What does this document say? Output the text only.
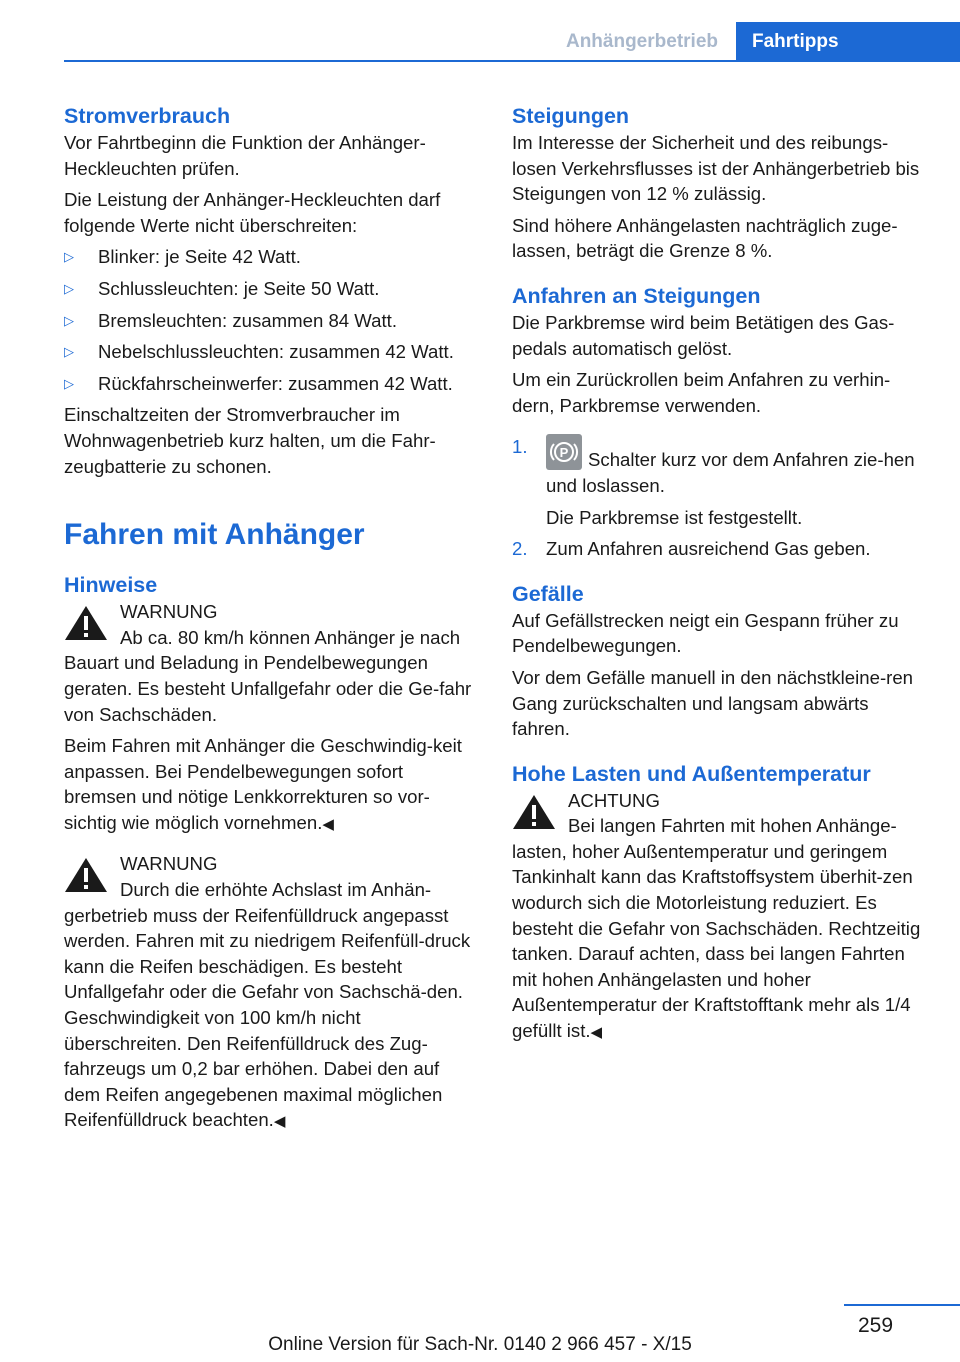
Anhängerbetrieb	Fahrtipps
Stromverbrauch

Vor Fahrtbeginn die Funktion der Anhänger‐Heckleuchten prüfen.

Die Leistung der Anhänger-Heckleuchten darf folgende Werte nicht überschreiten:

▷ Blinker: je Seite 42 Watt.
▷ Schlussleuchten: je Seite 50 Watt.
▷ Bremsleuchten: zusammen 84 Watt.
▷ Nebelschlussleuchten: zusammen 42 Watt.
▷ Rückfahrscheinwerfer: zusammen 42 Watt.

Einschaltzeiten der Stromverbraucher im Wohnwagenbetrieb kurz halten, um die Fahr‐zeugbatterie zu schonen.

Fahren mit Anhänger
Hinweise
WARNUNG

Ab ca. 80 km/h können Anhänger je nach Bauart und Beladung in Pendelbewegungen geraten. Es besteht Unfallgefahr oder die Ge‐fahr von Sachschäden.

Beim Fahren mit Anhänger die Geschwindig‐keit anpassen. Bei Pendelbewegungen sofort bremsen und nötige Lenkkorrekturen so vor‐sichtig wie möglich vornehmen.◀

WARNUNG

Durch die erhöhte Achslast im Anhän‐gerbetrieb muss der Reifenfülldruck angepasst werden. Fahren mit zu niedrigem Reifenfüll‐druck kann die Reifen beschädigen. Es besteht Unfallgefahr oder die Gefahr von Sachschä‐den. Geschwindigkeit von 100 km/h nicht überschreiten. Den Reifenfülldruck des Zug‐fahrzeugs um 0,2 bar erhöhen. Dabei den auf dem Reifen angegebenen maximal möglichen Reifenfülldruck beachten.◀

Steigungen

Im Interesse der Sicherheit und des reibungs‐losen Verkehrsflusses ist der Anhängerbetrieb bis Steigungen von 12 % zulässig.

Sind höhere Anhängelasten nachträglich zuge‐lassen, beträgt die Grenze 8 %.

Anfahren an Steigungen

Die Parkbremse wird beim Betätigen des Gas‐pedals automatisch gelöst.

Um ein Zurückrollen beim Anfahren zu verhin‐dern, Parkbremse verwenden.

1. P Schalter kurz vor dem Anfahren zie‐hen und loslassen.

Die Parkbremse ist festgestellt.

2. Zum Anfahren ausreichend Gas geben.
Gefälle

Auf Gefällstrecken neigt ein Gespann früher zu Pendelbewegungen.

Vor dem Gefälle manuell in den nächstkleine‐ren Gang zurückschalten und langsam abwärts fahren.

Hohe Lasten und Außentemperatur
ACHTUNG

Bei langen Fahrten mit hohen Anhänge‐lasten, hoher Außentemperatur und geringem Tankinhalt kann das Kraftstoffsystem überhit‐zen wodurch sich die Motorleistung reduziert. Es besteht die Gefahr von Sachschäden. Rechtzeitig tanken. Darauf achten, dass bei langen Fahrten mit hohen Anhängelasten und hoher Außentemperatur der Kraftstofftank mehr als 1/4 gefüllt ist.◀

259
Online Version für Sach-Nr. 0140 2 966 457 - X/15
